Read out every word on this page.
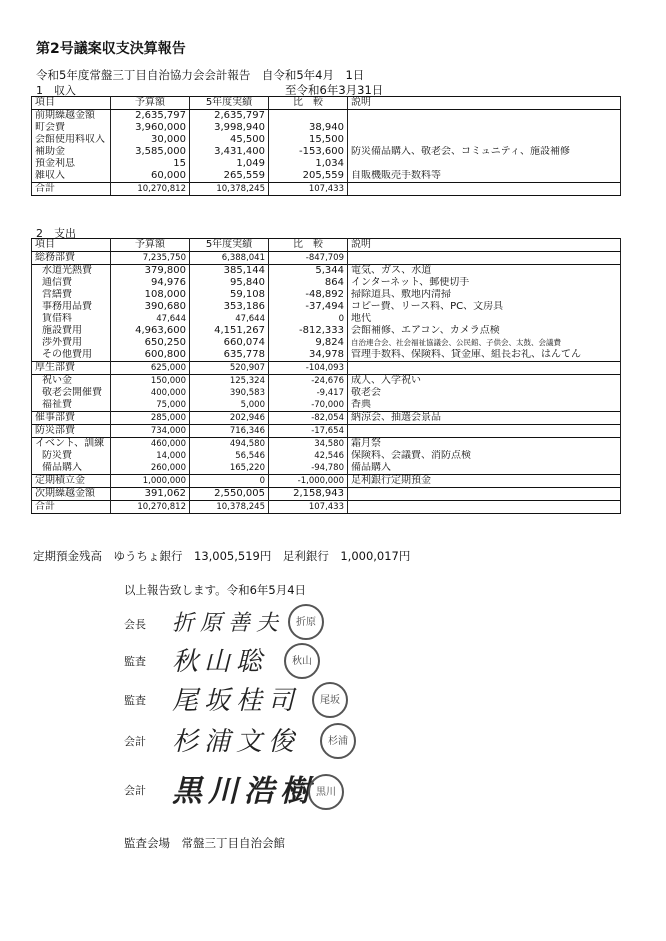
第2号議案収支決算報告
令和5年度常盤三丁目自治協力会会計報告　自令和5年4月　1日
1　収入	至令和6年3月31日
項目	予算額	5年度実績	比　較	説明
前期繰越金額	2,635,797	2,635,797		
町会費	3,960,000	3,998,940	38,940	
会館使用料収入	30,000	45,500	15,500	
補助金	3,585,000	3,431,400	-153,600	防災備品購入、敬老会、コミュニティ、施設補修
預金利息	15	1,049	1,034	
雑収入	60,000	265,559	205,559	自販機販売手数料等
合計	10,270,812	10,378,245	107,433	
2　支出
項目	予算額	5年度実績	比　較	説明
総務部費	7,235,750	6,388,041	-847,709	
水道光熱費	379,800	385,144	5,344	電気、ガス、水道
通信費	94,976	95,840	864	インターネット、郵便切手
営繕費	108,000	59,108	-48,892	掃除道具、敷地内清掃
事務用品費	390,680	353,186	-37,494	コピー費、リース料、PC、文房具
賃借料	47,644	47,644	0	地代
施設費用	4,963,600	4,151,267	-812,333	会館補修、エアコン、カメラ点検
渉外費用	650,250	660,074	9,824	自治連合会、社会福祉協議会、公民館、子供会、太鼓、会議費
その他費用	600,800	635,778	34,978	管理手数料、保険料、貸金庫、組長お礼、はんてん
厚生部費	625,000	520,907	-104,093	
祝い金	150,000	125,324	-24,676	成人、入学祝い
敬老会開催費	400,000	390,583	-9,417	敬老会
福祉費	75,000	5,000	-70,000	香典
催事部費	285,000	202,946	-82,054	納涼会、抽選会景品
防災部費	734,000	716,346	-17,654	
イベント、訓練	460,000	494,580	34,580	霜月祭
防災費	14,000	56,546	42,546	保険料、会議費、消防点検
備品購入	260,000	165,220	-94,780	備品購入
定期積立金	1,000,000	0	-1,000,000	足利銀行定期預金
次期繰越金額	391,062	2,550,005	2,158,943	
合計	10,270,812	10,378,245	107,433	
定期預金残高　ゆうちょ銀行　13,005,519円　足利銀行　1,000,017円
以上報告致します。令和6年5月4日
会長 折原善夫	折原
監査 秋山聡	秋山
監査 尾坂桂司	尾坂
会計 杉浦文俊	杉浦
会計 黒川浩樹 黒川
監査会場　常盤三丁目自治会館
